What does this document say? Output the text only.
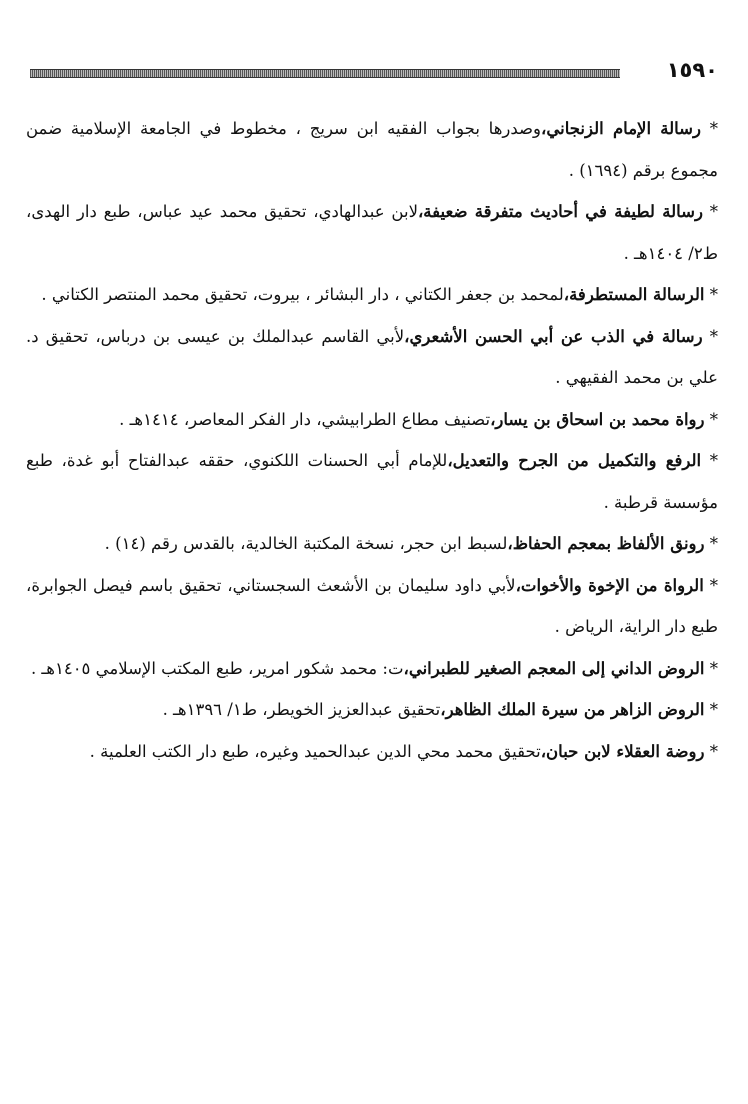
١٥٩٠
* رسالة الإمام الزنجاني،وصدرها بجواب الفقيه ابن سريج ، مخطوط في الجامعة الإسلامية ضمن مجموع برقم (١٦٩٤) .
* رسالة لطيفة في أحاديث متفرقة ضعيفة،لابن عبدالهادي، تحقيق محمد عيد عباس، طبع دار الهدى، ط٢/ ١٤٠٤هـ .
* الرسالة المستطرفة،لمحمد بن جعفر الكتاني ، دار البشائر ، بيروت، تحقيق محمد المنتصر الكتاني .
* رسالة في الذب عن أبي الحسن الأشعري،لأبي القاسم عبدالملك بن عيسى بن درباس، تحقيق د. علي بن محمد الفقيهي .
* رواة محمد بن اسحاق بن يسار،تصنيف مطاع الطرابيشي، دار الفكر المعاصر، ١٤١٤هـ .
* الرفع والتكميل من الجرح والتعديل،للإمام أبي الحسنات اللكنوي، حققه عبدالفتاح أبو غدة، طبع مؤسسة قرطبة .
* رونق الألفاظ بمعجم الحفاظ،لسبط ابن حجر، نسخة المكتبة الخالدية، بالقدس رقم (١٤) .
* الرواة من الإخوة والأخوات،لأبي داود سليمان بن الأشعث السجستاني، تحقيق باسم فيصل الجوابرة، طبع دار الراية، الرياض .
* الروض الداني إلى المعجم الصغير للطبراني،ت: محمد شكور امرير، طبع المكتب الإسلامي ١٤٠٥هـ .
* الروض الزاهر من سيرة الملك الظاهر،تحقيق عبدالعزيز الخويطر، ط١/ ١٣٩٦هـ .
* روضة العقلاء لابن حبان،تحقيق محمد محي الدين عبدالحميد وغيره، طبع دار الكتب العلمية .
